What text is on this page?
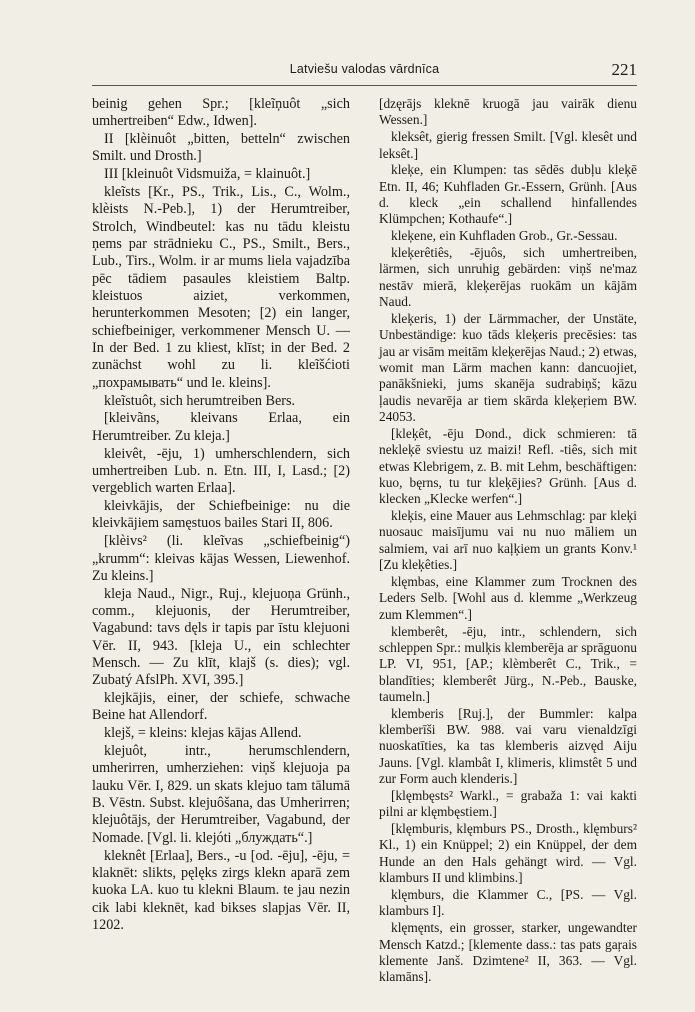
Latviešu valodas vārdnīca	221

beinig gehen Spr.; [kleĩņuôt „sich umhertreiben“ Edw., Idwen].

II [klèinuôt „bitten, betteln“ zwischen Smilt. und Drosth.]

III [kleinuôt Vidsmuiža, = klainuôt.]

kleĩsts [Kr., PS., Trik., Lis., C., Wolm., klèists N.-Peb.], 1) der Herumtreiber, Strolch, Windbeutel: kas nu tādu kleistu ņems par strādnieku C., PS., Smilt., Bers., Lub., Tirs., Wolm. ir ar mums liela vajadzība pēc tādiem pasaules kleistiem Baltp. kleistuos aiziet, verkommen, herunterkommen Mesoten; [2) ein langer, schiefbeiniger, verkommener Mensch U. — In der Bed. 1 zu kliest, klīst; in der Bed. 2 zunächst wohl zu li. kleĩšćioti „похрамывать“ und le. kleins].

kleĩstuôt, sich herumtreiben Bers.

[kleivãns, kleivans Erlaa, ein Herumtreiber. Zu kleja.]

kleivêt, -ēju, 1) umherschlendern, sich umhertreiben Lub. n. Etn. III, I, Lasd.; [2) vergeblich warten Erlaa].

kleivkājis, der Schiefbeinige: nu die kleivkājiem samęstuos bailes Stari II, 806.

[klèivs² (li. kleĩvas „schiefbeinig“) „krumm“: kleivas kājas Wessen, Liewenhof. Zu kleins.]

kleja Naud., Nigr., Ruj., klejuoņa Grünh., comm., klejuonis, der Herumtreiber, Vagabund: tavs dęls ir tapis par īstu klejuoni Vēr. II, 943. [kleja U., ein schlechter Mensch. — Zu klīt, klajš (s. dies); vgl. Zubatý AfslPh. XVI, 395.]

klejkājis, einer, der schiefe, schwache Beine hat Allendorf.

klejš, = kleins: klejas kājas Allend.

klejuôt, intr., herumschlendern, umherirren, umherziehen: viņš klejuoja pa lauku Vēr. I, 829. un skats klejuo tam tālumā B. Vēstn. Subst. klejuôšana, das Umherirren; klejuôtājs, der Herumtreiber, Vagabund, der Nomade. [Vgl. li. klejóti „блуждать“.]

kleknêt [Erlaa], Bers., -u [od. -ēju], -ēju, = klaknēt: slikts, pęlęks zirgs klekn aparā zem kuoka LA. kuo tu klekni Blaum. te jau nezin cik labi kleknēt, kad bikses slapjas Vēr. II, 1202.

[dzęrājs kleknē kruogā jau vairāk dienu Wessen.]

kleksêt, gierig fressen Smilt. [Vgl. klesêt und leksêt.]

kleķe, ein Klumpen: tas sēdēs dubļu kleķē Etn. II, 46; Kuhfladen Gr.-Essern, Grünh. [Aus d. kleck „ein schallend hinfallendes Klümpchen; Kothaufe“.]

kleķene, ein Kuhfladen Grob., Gr.-Sessau.

kleķerêtiês, -ējuôs, sich umhertreiben, lärmen, sich unruhig gebärden: viņš ne'maz nestāv mierā, kleķerējas ruokām un kājām Naud.

kleķeris, 1) der Lärmmacher, der Unstäte, Unbeständige: kuo tāds kleķeris precēsies: tas jau ar visām meitām kleķerējas Naud.; 2) etwas, womit man Lärm machen kann: dancuojiet, panākšnieki, jums skanēja sudrabiņš; kāzu ļaudis nevarēja ar tiem skārda kleķeŗiem BW. 24053.

[kleķêt, -ēju Dond., dick schmieren: tā nekleķē sviestu uz maizi! Refl. -tiês, sich mit etwas Klebrigem, z. B. mit Lehm, beschäftigen: kuo, bęrns, tu tur kleķējies? Grünh. [Aus d. klecken „Klecke werfen“.]

kleķis, eine Mauer aus Lehmschlag: par kleķi nuosauc maisījumu vai nu nuo māliem un salmiem, vai arī nuo kaļķiem un grants Konv.¹ [Zu kleķêties.]

klęmbas, eine Klammer zum Trocknen des Leders Selb. [Wohl aus d. klemme „Werkzeug zum Klemmen“.]

klemberêt, -ēju, intr., schlendern, sich schleppen Spr.: mulķis klemberēja ar sprāguonu LP. VI, 951, [AP.; klèmberêt C., Trik., = blandīties; klemberêt Jürg., N.-Peb., Bauske, taumeln.]

klemberis [Ruj.], der Bummler: kalpa klemberīši BW. 988. vai varu vienaldzīgi nuoskatīties, ka tas klemberis aizvęd Aiju Jauns. [Vgl. klambât I, klimeris, klimstêt 5 und zur Form auch klenderis.]

[klęmbęsts² Warkl., = grabaža 1: vai kakti pilni ar klęmbęstiem.]

[klęmburis, klęmburs PS., Drosth., klęmburs² Kl., 1) ein Knüppel; 2) ein Knüppel, der dem Hunde an den Hals gehängt wird. — Vgl. klamburs II und klimbins.]

klęmburs, die Klammer C., [PS. — Vgl. klamburs I].

klęmęnts, ein grosser, starker, ungewandter Mensch Katzd.; [klemente dass.: tas pats gaŗais klemente Janš. Dzimtene² II, 363. — Vgl. klamāns].
